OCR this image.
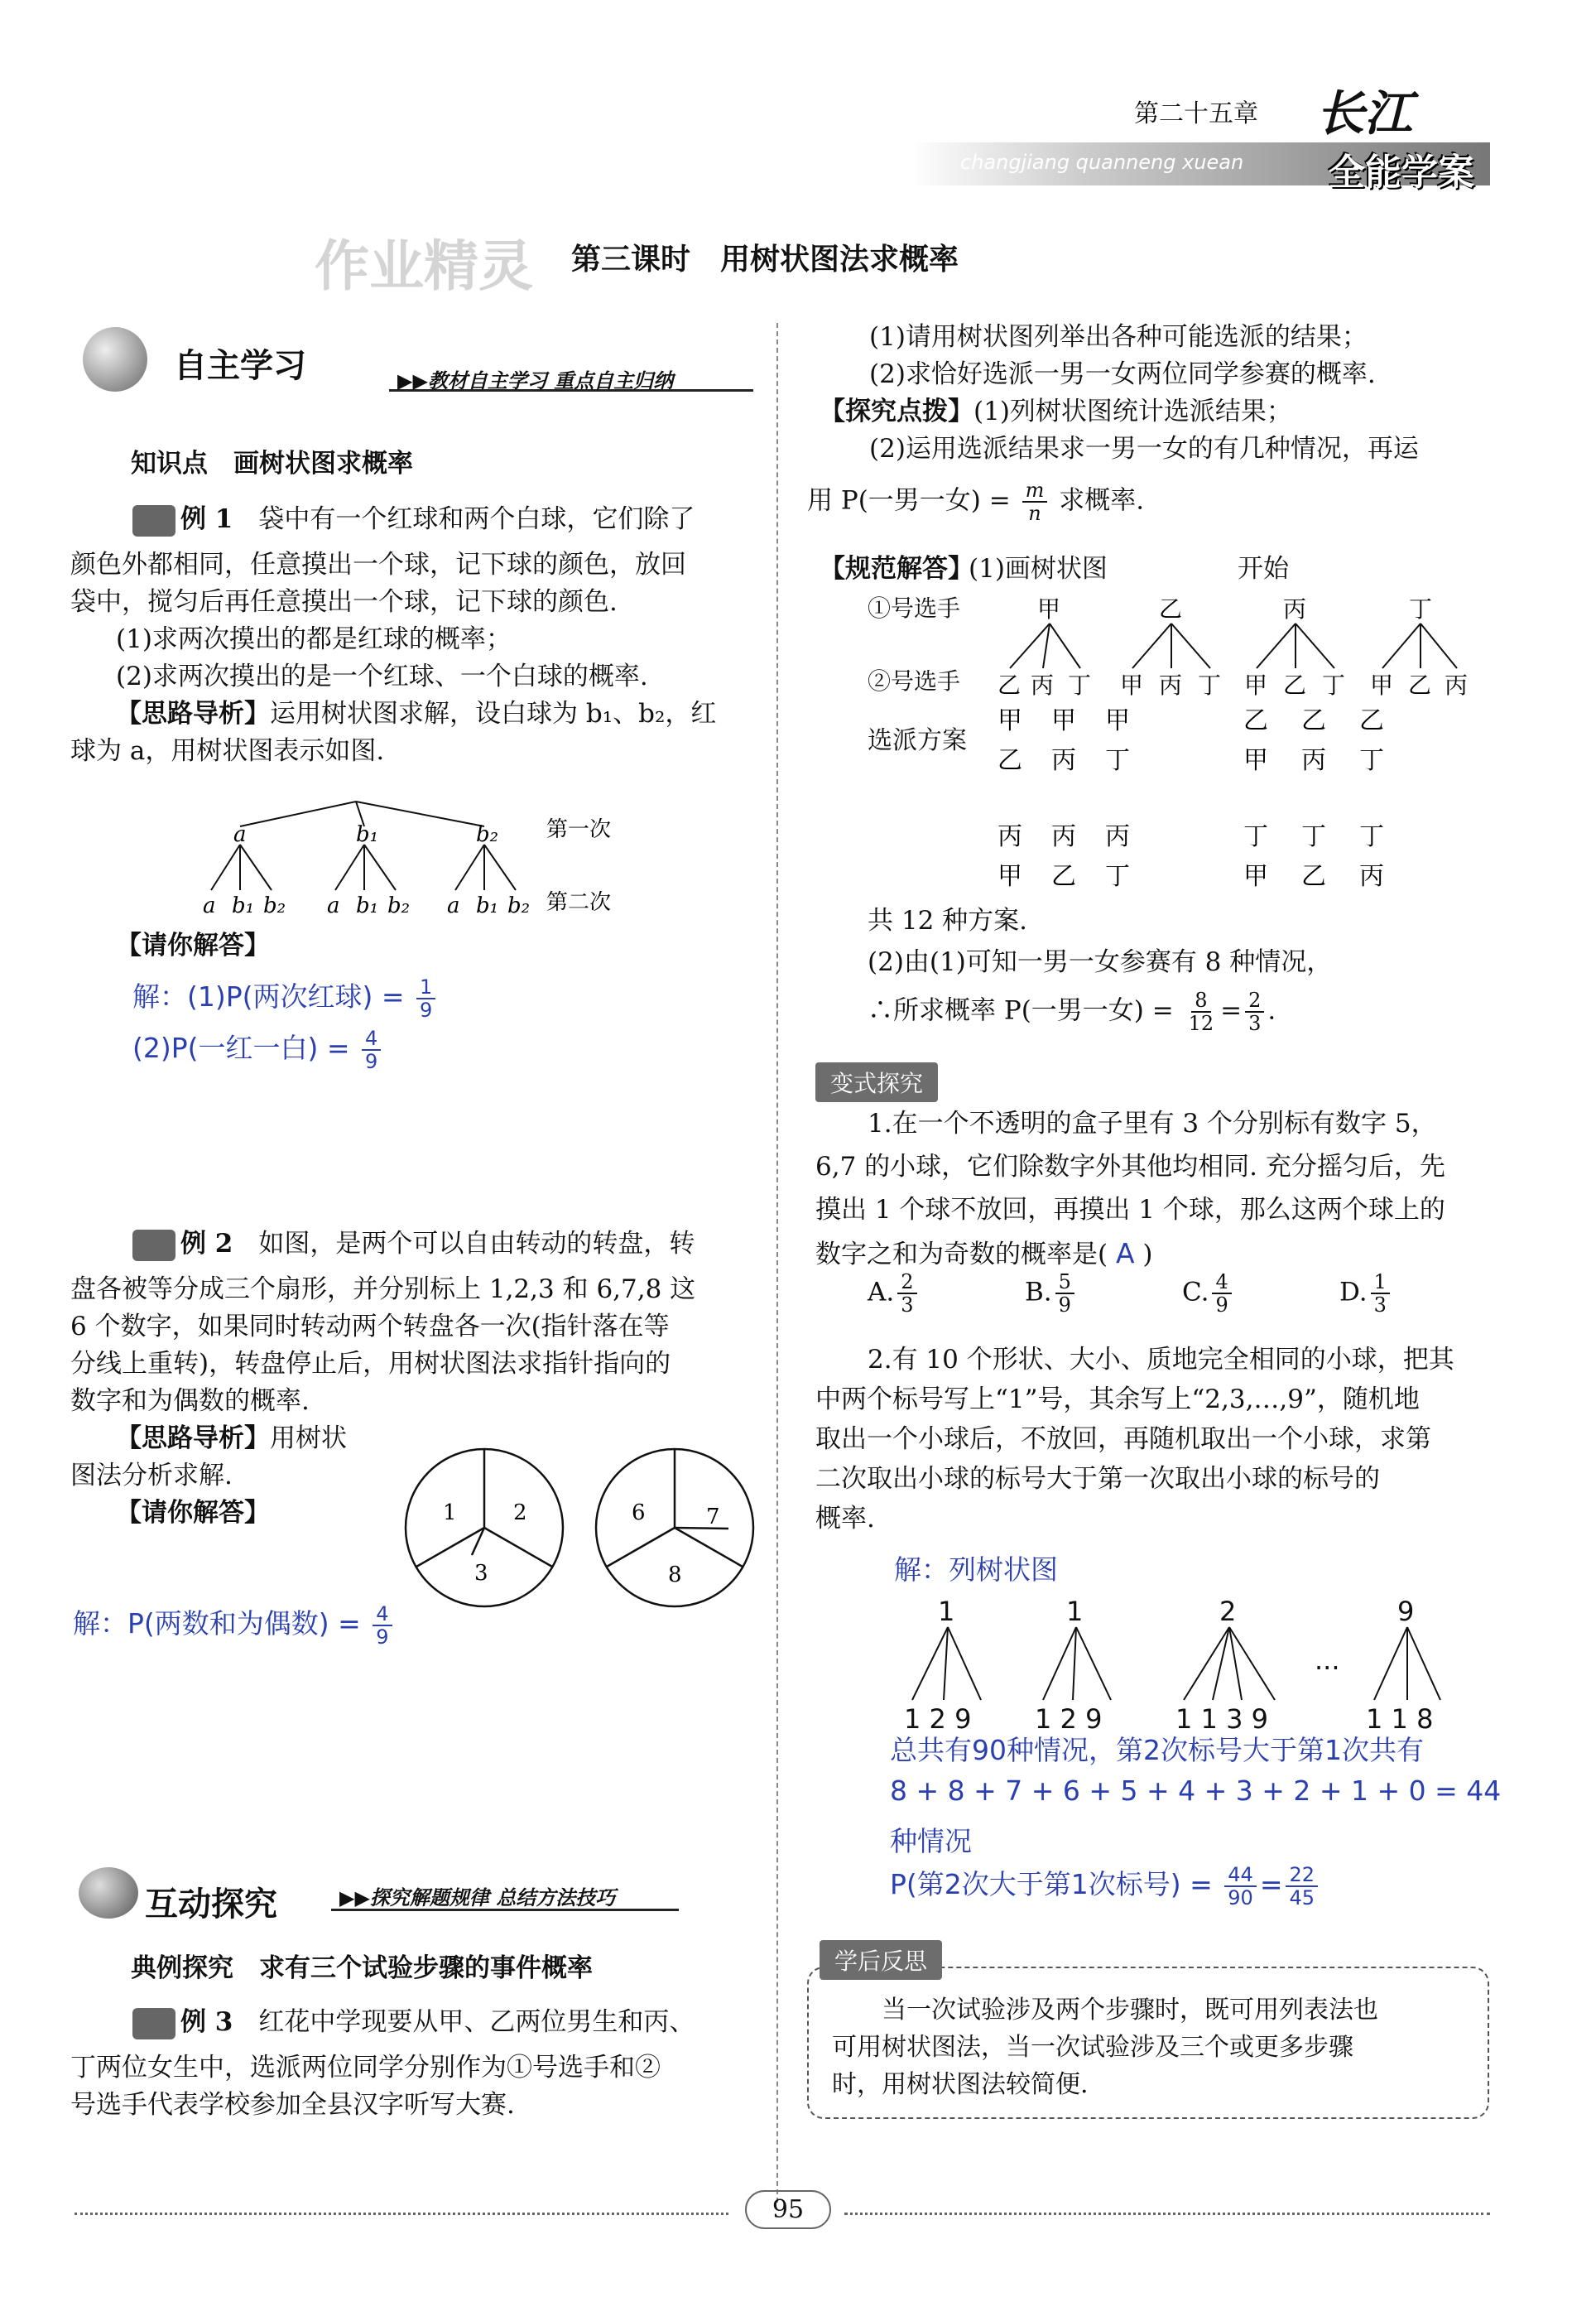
第二十五章
changjiang quanneng xuean
长江
全能学案
作业精灵 第三课时　用树状图法求概率
自主学习	▶▶教材自主学习 重点自主归纳
知识点　画树状图求概率
例 1　 袋中有一个红球和两个白球，它们除了
颜色外都相同，任意摸出一个球，记下球的颜色，放回
袋中，搅匀后再任意摸出一个球，记下球的颜色.
(1)求两次摸出的都是红球的概率；
(2)求两次摸出的是一个红球、一个白球的概率.
【思路导析】运用树状图求解，设白球为 b₁、b₂，红
球为 a，用树状图表示如图.
a	b₁	b₂
a b₁ b₂ a b₁ b₂ a b₁ b₂
第一次
第二次
【请你解答】
解：(1)P(两次红球) = $\frac{1}{9}$
(2)P(一红一白) = $\frac{4}{9}$
例 2　 如图，是两个可以自由转动的转盘，转
盘各被等分成三个扇形，并分别标上 1,2,3 和 6,7,8 这
6 个数字，如果同时转动两个转盘各一次(指针落在等
分线上重转)，转盘停止后，用树状图法求指针指向的
数字和为偶数的概率.
【思路导析】用树状
图法分析求解.
【请你解答】	1	2
3
6	7
8
解：P(两数和为偶数) = $\frac{4}{9}$
互动探究	▶▶探究解题规律 总结方法技巧
典例探究　求有三个试验步骤的事件概率
例 3　 红花中学现要从甲、乙两位男生和丙、
丁两位女生中，选派两位同学分别作为①号选手和②
号选手代表学校参加全县汉字听写大赛.
(1)请用树状图列举出各种可能选派的结果；
(2)求恰好选派一男一女两位同学参赛的概率.
【探究点拨】(1)列树状图统计选派结果；
(2)运用选派结果求一男一女的有几种情况，再运
用 P(一男一女) = $\frac{m}{n}$ 求概率.
【规范解答】
(1)画树状图	开始
①号选手
②号选手
选派方案
甲	乙	丙	丁
乙 丙 丁 甲 丙 丁 甲 乙 丁 甲 乙 丙
甲 甲 甲	乙 乙 乙
乙 丙 丁	甲 丙 丁
丙 丙 丙	丁 丁 丁
甲 乙 丁	甲 乙 丙
共 12 种方案.
(2)由(1)可知一男一女参赛有 8 种情况，
∴所求概率 P(一男一女) = $\frac{8}{12} = \frac{2}{3}$ .
变式探究
1.在一个不透明的盒子里有 3 个分别标有数字 5，
6,7 的小球，它们除数字外其他均相同. 充分摇匀后，先
摸出 1 个球不放回，再摸出 1 个球，那么这两个球上的
数字之和为奇数的概率是( A )
A. $\frac{2}{3}$	B. $\frac{5}{9}$	C. $\frac{4}{9}$	D. $\frac{1}{3}$
2.有 10 个形状、大小、质地完全相同的小球，把其
中两个标号写上“1”号，其余写上“2,3,…,9”，随机地
取出一个小球后，不放回，再随机取出一个小球，求第
二次取出小球的标号大于第一次取出小球的标号的
概率.
解：列树状图
1	1	2	9
1 2 9 1 2 9	1 1 3 9	1 1 8
···
总共有90种情况，第2次标号大于第1次共有
8 + 8 + 7 + 6 + 5 + 4 + 3 + 2 + 1 + 0 = 44
种情况
P(第2次大于第1次标号) = $\frac{44}{90} = \frac{22}{45}$
学后反思
当一次试验涉及两个步骤时，既可用列表法也
可用树状图法，当一次试验涉及三个或更多步骤
时，用树状图法较简便.
95
